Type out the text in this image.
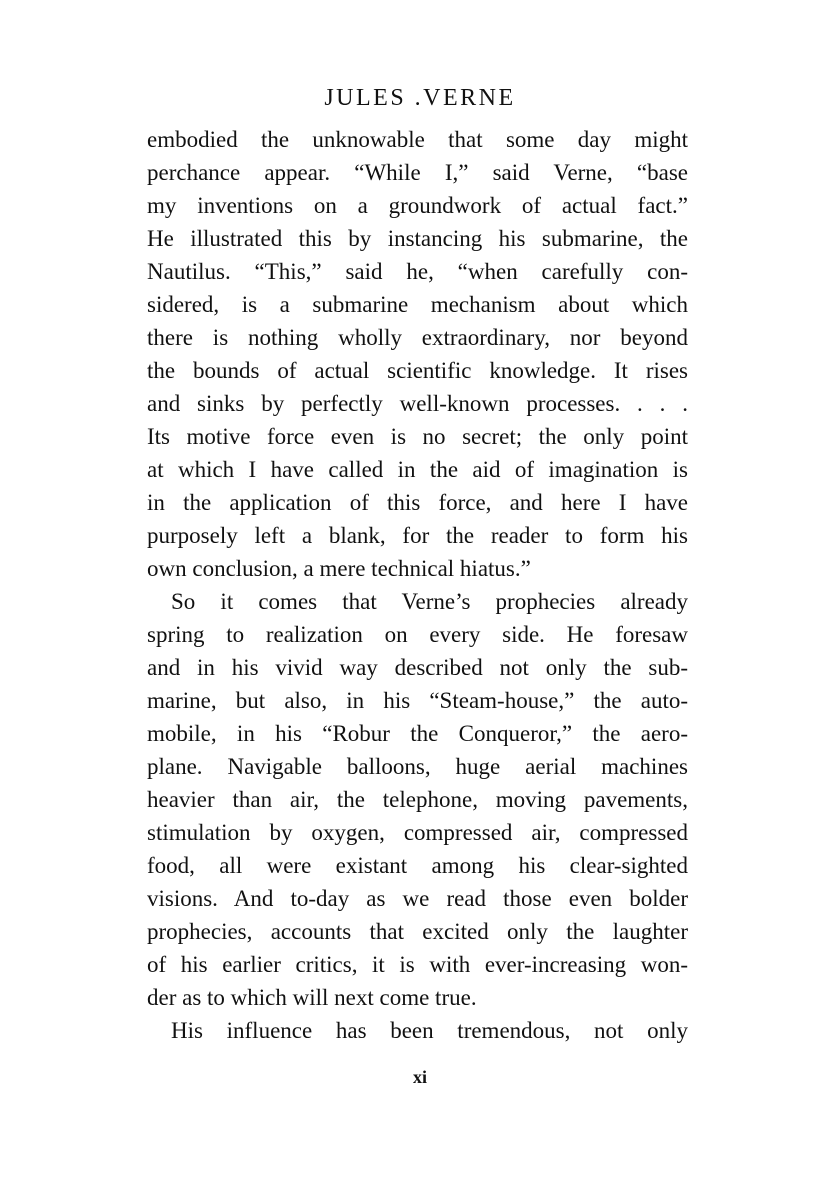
JULES .VERNE
embodied the unknowable that some day might
perchance appear. “While I,” said Verne, “base
my inventions on a groundwork of actual fact.”
He illustrated this by instancing his submarine, the
Nautilus. “This,” said he, “when carefully con-
sidered, is a submarine mechanism about which
there is nothing wholly extraordinary, nor beyond
the bounds of actual scientific knowledge. It rises
and sinks by perfectly well-known processes. . . .
Its motive force even is no secret; the only point
at which I have called in the aid of imagination is
in the application of this force, and here I have
purposely left a blank, for the reader to form his
own conclusion, a mere technical hiatus.”
So it comes that Verne’s prophecies already
spring to realization on every side. He foresaw
and in his vivid way described not only the sub-
marine, but also, in his “Steam-house,” the auto-
mobile, in his “Robur the Conqueror,” the aero-
plane. Navigable balloons, huge aerial machines
heavier than air, the telephone, moving pavements,
stimulation by oxygen, compressed air, compressed
food, all were existant among his clear-sighted
visions. And to-day as we read those even bolder
prophecies, accounts that excited only the laughter
of his earlier critics, it is with ever-increasing won-
der as to which will next come true.
His influence has been tremendous, not only
xi
